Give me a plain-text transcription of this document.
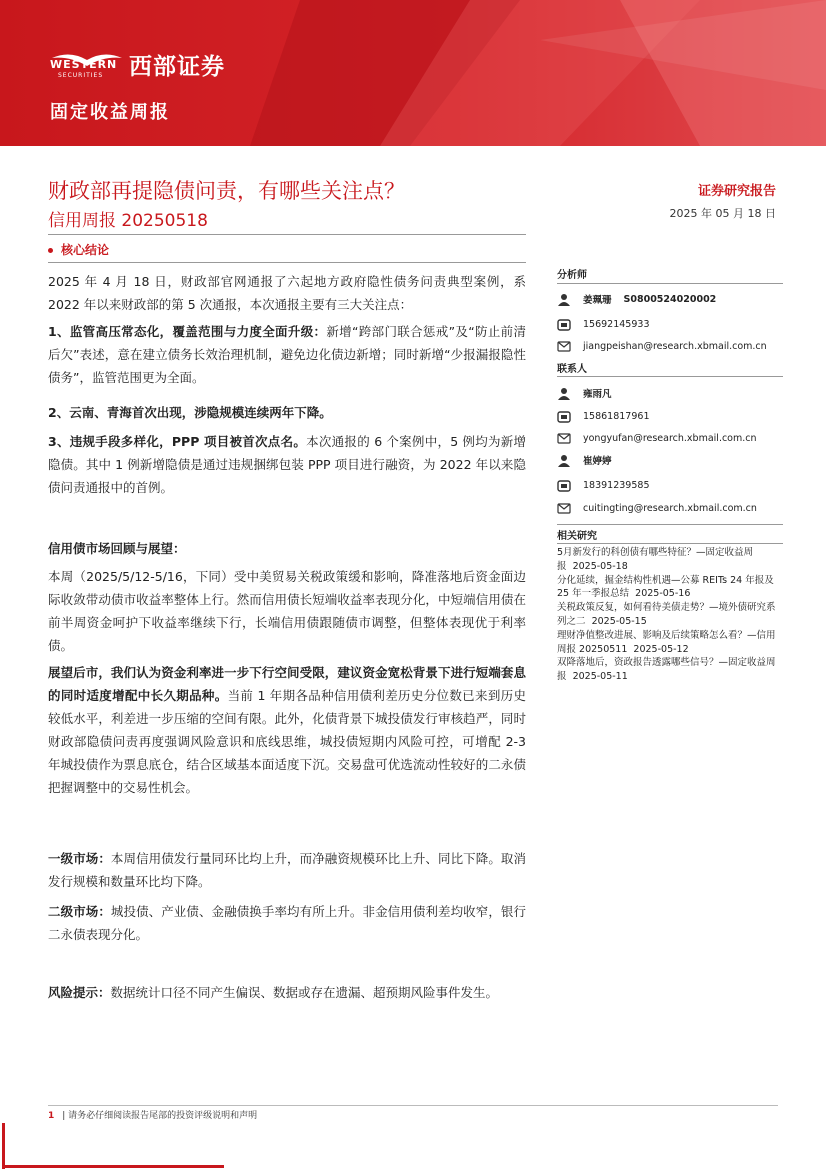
WESTERN
SECURITIES 西部证券
固定收益周报
财政部再提隐债问责，有哪些关注点？
信用周报 20250518
证券研究报告
2025 年 05 月 18 日
核心结论
2025 年 4 月 18 日，财政部官网通报了六起地方政府隐性债务问责典型案例，系 2022 年以来财政部的第 5 次通报，本次通报主要有三大关注点：
1、监管高压常态化，覆盖范围与力度全面升级：新增“跨部门联合惩戒”及“防止前清后欠”表述，意在建立债务长效治理机制，避免边化债边新增；同时新增“少报漏报隐性债务”，监管范围更为全面。
2、云南、青海首次出现，涉隐规模连续两年下降。
3、违规手段多样化，PPP 项目被首次点名。本次通报的 6 个案例中，5 例均为新增隐债。其中 1 例新增隐债是通过违规捆绑包装 PPP 项目进行融资，为 2022 年以来隐债问责通报中的首例。
信用债市场回顾与展望：
本周（2025/5/12-5/16，下同）受中美贸易关税政策缓和影响，降准落地后资金面边际收敛带动债市收益率整体上行。然而信用债长短端收益率表现分化，中短端信用债在前半周资金呵护下收益率继续下行，长端信用债跟随债市调整，但整体表现优于利率债。
展望后市，我们认为资金利率进一步下行空间受限，建议资金宽松背景下进行短端套息的同时适度增配中长久期品种。当前 1 年期各品种信用债利差历史分位数已来到历史较低水平，利差进一步压缩的空间有限。此外，化债背景下城投债发行审核趋严，同时财政部隐债问责再度强调风险意识和底线思维，城投债短期内风险可控，可增配 2-3 年城投债作为票息底仓，结合区域基本面适度下沉。交易盘可优选流动性较好的二永债把握调整中的交易性机会。
一级市场：本周信用债发行量同环比均上升，而净融资规模环比上升、同比下降。取消发行规模和数量环比均下降。
二级市场：城投债、产业债、金融债换手率均有所上升。非金信用债利差均收窄，银行二永债表现分化。
风险提示：数据统计口径不同产生偏误、数据或存在遗漏、超预期风险事件发生。
分析师
姜珮珊 S0800524020002
15692145933
jiangpeishan@research.xbmail.com.cn
联系人
雍雨凡
15861817961
yongyufan@research.xbmail.com.cn
崔婷婷
18391239585
cuitingting@research.xbmail.com.cn
相关研究
5月新发行的科创债有哪些特征？—固定收益周报 2025-05-18
分化延续，掘金结构性机遇—公募 REITs 24 年报及 25 年一季报总结 2025-05-16
关税政策反复，如何看待美债走势？—境外债研究系列之二 2025-05-15
理财净值整改进展、影响及后续策略怎么看？—信用周报 20250511 2025-05-12
双降落地后，资政报告透露哪些信号？—固定收益周报 2025-05-11
1 | 请务必仔细阅读报告尾部的投资评级说明和声明
